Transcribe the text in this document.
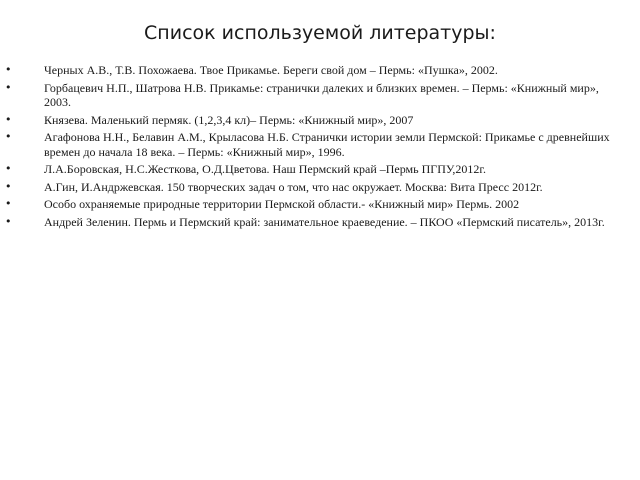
Список используемой литературы:
•	Черных А.В., Т.В. Похожаева. Твое Прикамье. Береги свой дом – Пермь: «Пушка», 2002.
•	Горбацевич Н.П., Шатрова Н.В. Прикамье: странички далеких и близких времен. – Пермь: «Книжный мир», 2003.
•	Князева. Маленький пермяк. (1,2,3,4 кл)– Пермь: «Книжный мир», 2007
•	Агафонова Н.Н., Белавин А.М., Крыласова Н.Б. Странички истории земли Пермской: Прикамье с древнейших времен до начала 18 века. – Пермь: «Книжный мир», 1996.
•	Л.А.Боровская, Н.С.Жесткова, О.Д.Цветова. Наш Пермский край –Пермь ПГПУ,2012г.
•	А.Гин, И.Андржевская. 150 творческих задач о том, что нас окружает. Москва: Вита Пресс 2012г.
•	Особо охраняемые природные территории Пермской области.- «Книжный мир» Пермь. 2002
•	Андрей Зеленин. Пермь и Пермский край: занимательное краеведение. – ПКОО «Пермский писатель», 2013г.
